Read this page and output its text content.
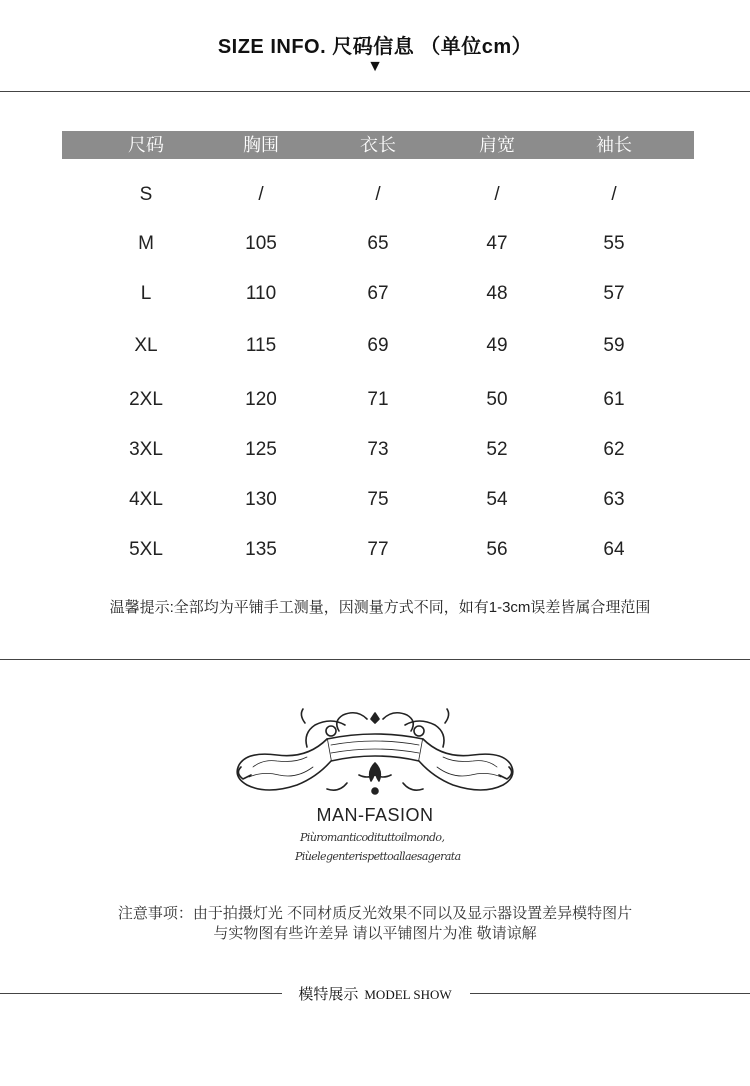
SIZE INFO. 尺码信息 （单位cm）
▼
尺码	胸围	衣长	肩宽	袖长
S	/	/	/	/
M	105	65	47	55
L	110	67	48	57
XL	115	69	49	59
2XL	120	71	50	61
3XL	125	73	52	62
4XL	130	75	54	63
5XL	135	77	56	64
温馨提示:全部均为平铺手工测量，因测量方式不同，如有1-3cm误差皆属合理范围
MAN-FASION
Piùromanticodituttoilmondo,
Piùelegenterispettoallaesagerata
注意事项：由于拍摄灯光 不同材质反光效果不同以及显示器设置差异模特图片
与实物图有些许差异 请以平铺图片为准 敬请谅解
模特展示 MODEL SHOW
